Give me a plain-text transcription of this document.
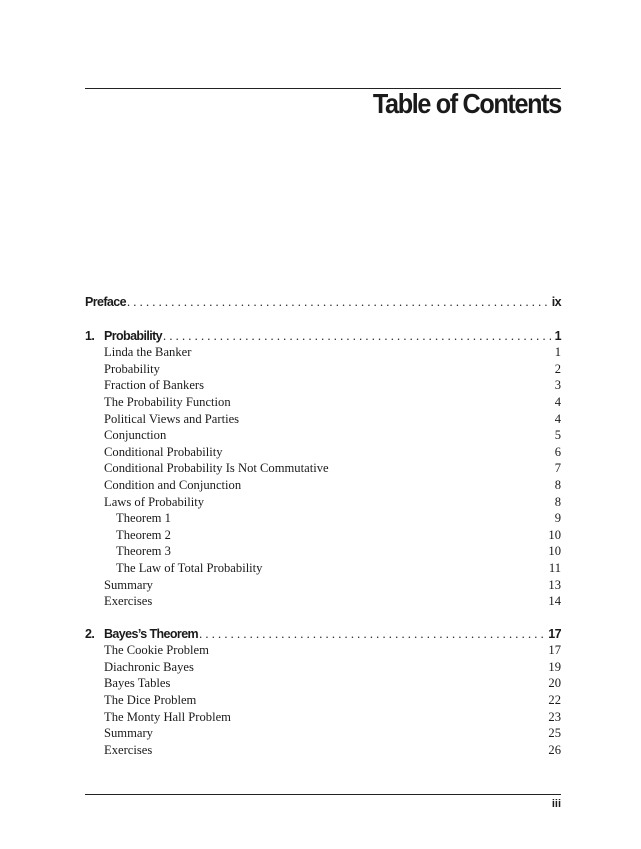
Table of Contents
Preface .....	ix
1. Probability .....	1
Linda the Banker	1
Probability	2
Fraction of Bankers	3
The Probability Function	4
Political Views and Parties	4
Conjunction	5
Conditional Probability	6
Conditional Probability Is Not Commutative	7
Condition and Conjunction	8
Laws of Probability	8
Theorem 1	9
Theorem 2	10
Theorem 3	10
The Law of Total Probability	11
Summary	13
Exercises	14
2. Bayes’s Theorem .....	17
The Cookie Problem	17
Diachronic Bayes	19
Bayes Tables	20
The Dice Problem	22
The Monty Hall Problem	23
Summary	25
Exercises	26
iii
